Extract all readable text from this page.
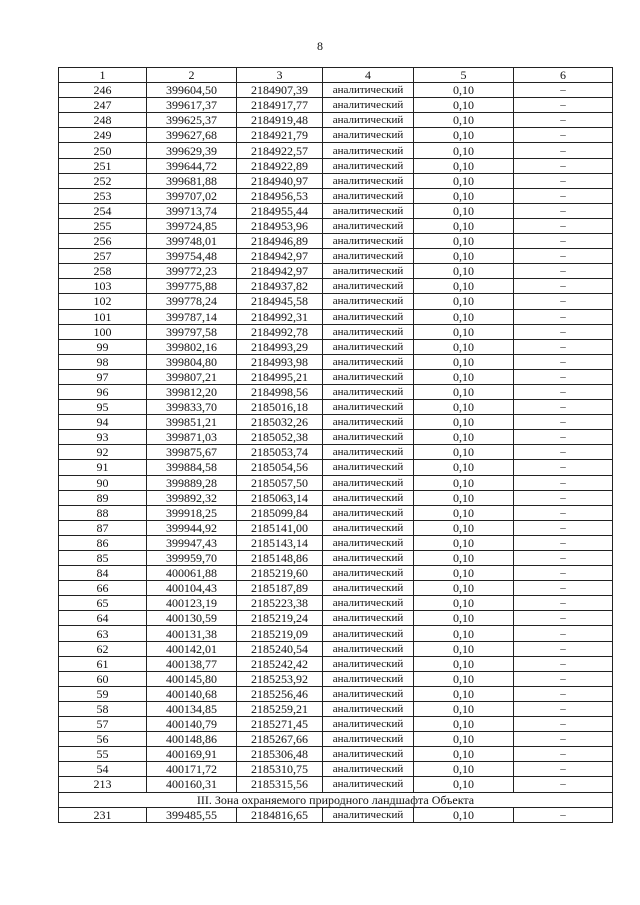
8
1	2	3	4	5	6
246	399604,50	2184907,39	аналитический	0,10	–
247	399617,37	2184917,77	аналитический	0,10	–
248	399625,37	2184919,48	аналитический	0,10	–
249	399627,68	2184921,79	аналитический	0,10	–
250	399629,39	2184922,57	аналитический	0,10	–
251	399644,72	2184922,89	аналитический	0,10	–
252	399681,88	2184940,97	аналитический	0,10	–
253	399707,02	2184956,53	аналитический	0,10	–
254	399713,74	2184955,44	аналитический	0,10	–
255	399724,85	2184953,96	аналитический	0,10	–
256	399748,01	2184946,89	аналитический	0,10	–
257	399754,48	2184942,97	аналитический	0,10	–
258	399772,23	2184942,97	аналитический	0,10	–
103	399775,88	2184937,82	аналитический	0,10	–
102	399778,24	2184945,58	аналитический	0,10	–
101	399787,14	2184992,31	аналитический	0,10	–
100	399797,58	2184992,78	аналитический	0,10	–
99	399802,16	2184993,29	аналитический	0,10	–
98	399804,80	2184993,98	аналитический	0,10	–
97	399807,21	2184995,21	аналитический	0,10	–
96	399812,20	2184998,56	аналитический	0,10	–
95	399833,70	2185016,18	аналитический	0,10	–
94	399851,21	2185032,26	аналитический	0,10	–
93	399871,03	2185052,38	аналитический	0,10	–
92	399875,67	2185053,74	аналитический	0,10	–
91	399884,58	2185054,56	аналитический	0,10	–
90	399889,28	2185057,50	аналитический	0,10	–
89	399892,32	2185063,14	аналитический	0,10	–
88	399918,25	2185099,84	аналитический	0,10	–
87	399944,92	2185141,00	аналитический	0,10	–
86	399947,43	2185143,14	аналитический	0,10	–
85	399959,70	2185148,86	аналитический	0,10	–
84	400061,88	2185219,60	аналитический	0,10	–
66	400104,43	2185187,89	аналитический	0,10	–
65	400123,19	2185223,38	аналитический	0,10	–
64	400130,59	2185219,24	аналитический	0,10	–
63	400131,38	2185219,09	аналитический	0,10	–
62	400142,01	2185240,54	аналитический	0,10	–
61	400138,77	2185242,42	аналитический	0,10	–
60	400145,80	2185253,92	аналитический	0,10	–
59	400140,68	2185256,46	аналитический	0,10	–
58	400134,85	2185259,21	аналитический	0,10	–
57	400140,79	2185271,45	аналитический	0,10	–
56	400148,86	2185267,66	аналитический	0,10	–
55	400169,91	2185306,48	аналитический	0,10	–
54	400171,72	2185310,75	аналитический	0,10	–
213	400160,31	2185315,56	аналитический	0,10	–
III. Зона охраняемого природного ландшафта Объекта					
231	399485,55	2184816,65	аналитический	0,10	–
